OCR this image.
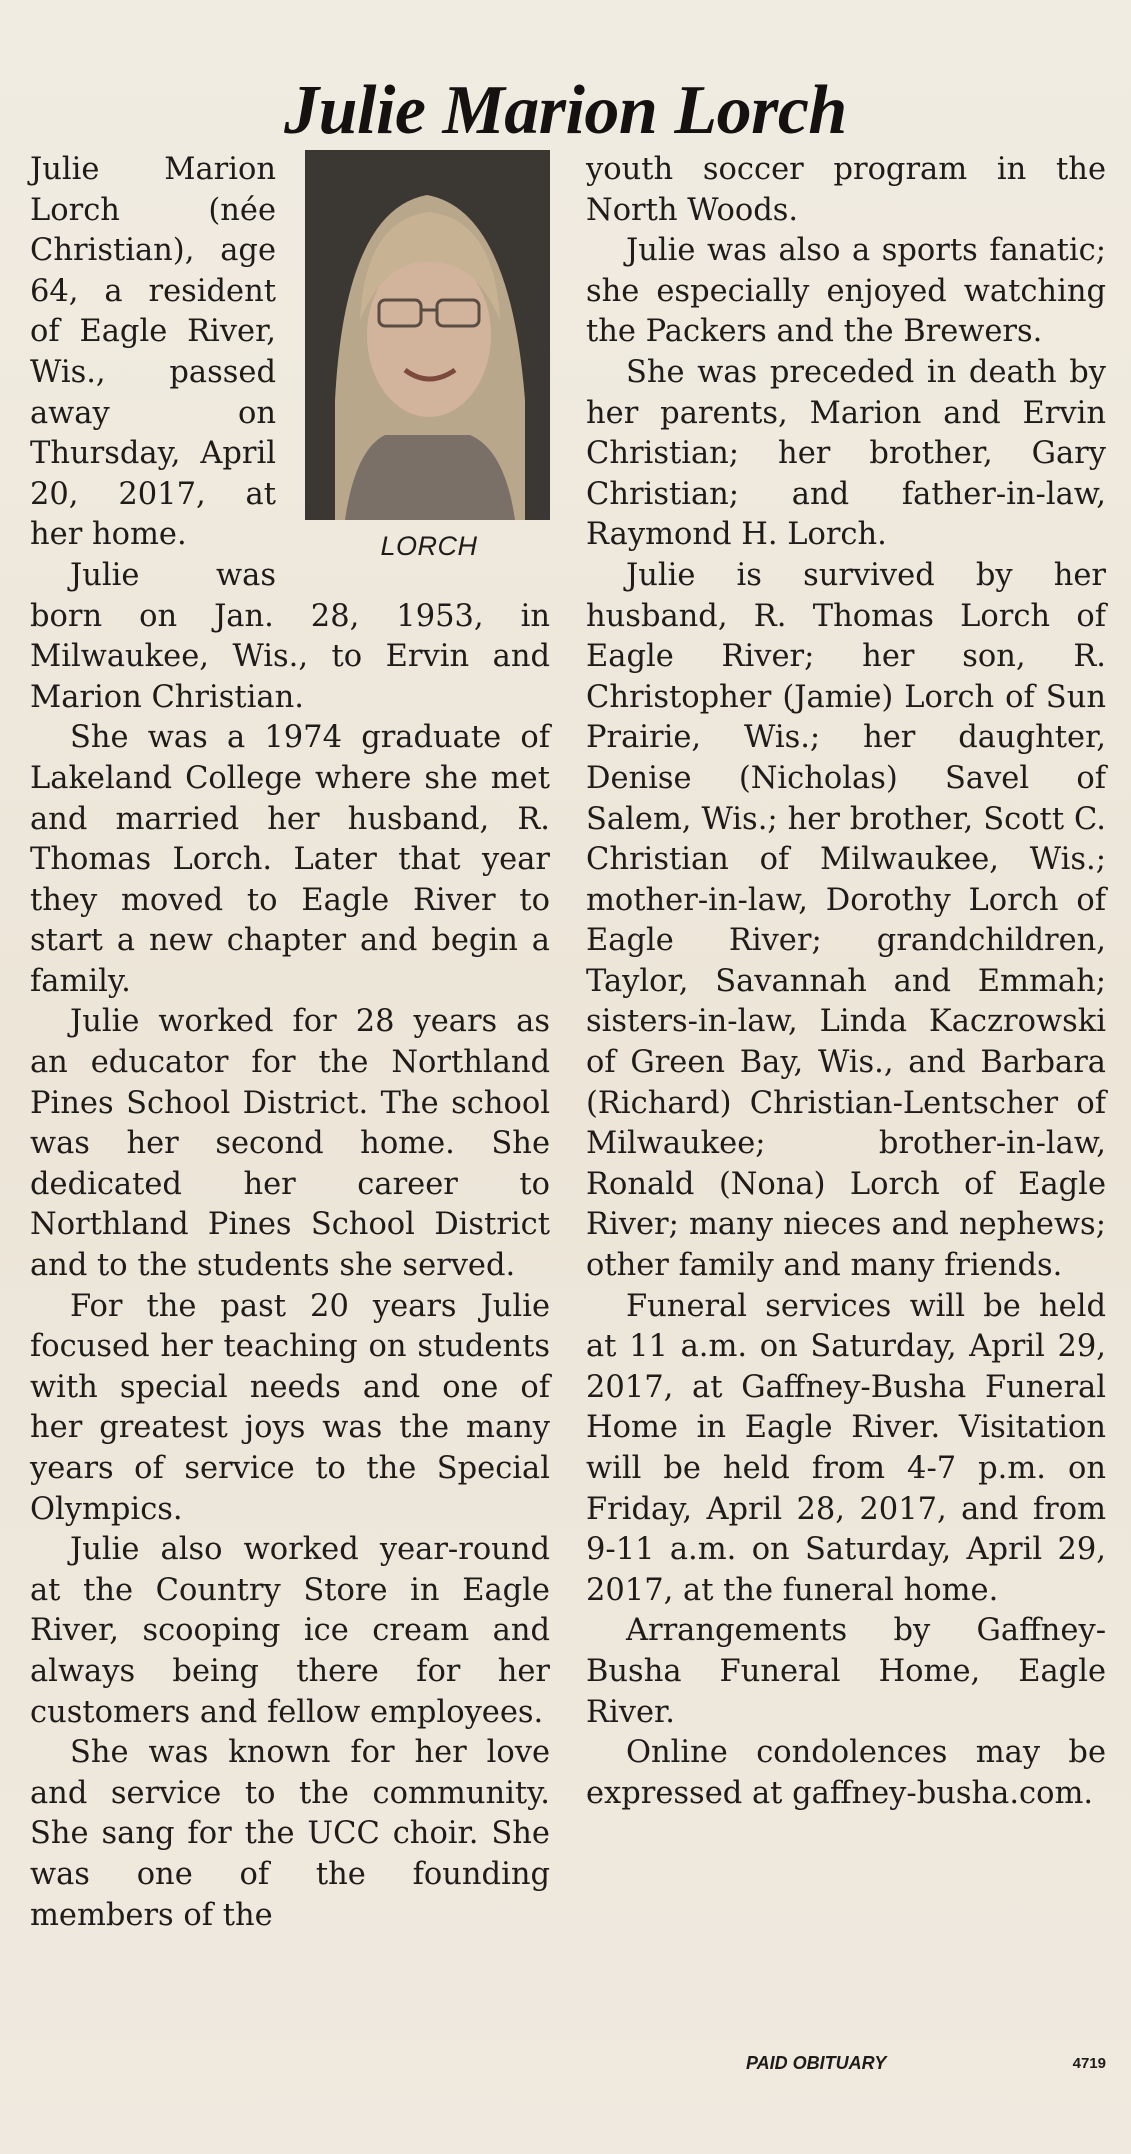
Julie Marion Lorch
LORCH

Julie Marion Lorch (née Christian), age 64, a resident of Eagle River, Wis., passed away on Thursday, April 20, 2017, at her home.

Julie was born on Jan. 28, 1953, in Milwaukee, Wis., to Ervin and Marion Christian.

She was a 1974 graduate of Lakeland College where she met and married her husband, R. Thomas Lorch. Later that year they moved to Eagle River to start a new chapter and begin a family.

Julie worked for 28 years as an educator for the Northland Pines School District. The school was her second home. She dedicated her career to Northland Pines School District and to the students she served.

For the past 20 years Julie focused her teaching on students with special needs and one of her greatest joys was the many years of service to the Special Olympics.

Julie also worked year-round at the Country Store in Eagle River, scooping ice cream and always being there for her customers and fellow employees.

She was known for her love and service to the community. She sang for the UCC choir. She was one of the founding members of the

youth soccer program in the North Woods.

Julie was also a sports fanatic; she especially enjoyed watching the Packers and the Brewers.

She was preceded in death by her parents, Marion and Ervin Christian; her brother, Gary Christian; and father-in-law, Raymond H. Lorch.

Julie is survived by her husband, R. Thomas Lorch of Eagle River; her son, R. Christopher (Jamie) Lorch of Sun Prairie, Wis.; her daughter, Denise (Nicholas) Savel of Salem, Wis.; her brother, Scott C. Christian of Milwaukee, Wis.; mother-in-law, Dorothy Lorch of Eagle River; grandchildren, Taylor, Savannah and Emmah; sisters-in-law, Linda Kaczrowski of Green Bay, Wis., and Barbara (Richard) Christian-Lentscher of Milwaukee; brother-in-law, Ronald (Nona) Lorch of Eagle River; many nieces and nephews; other family and many friends.

Funeral services will be held at 11 a.m. on Saturday, April 29, 2017, at Gaffney-Busha Funeral Home in Eagle River. Visitation will be held from 4-7 p.m. on Friday, April 28, 2017, and from 9-11 a.m. on Saturday, April 29, 2017, at the funeral home.

Arrangements by Gaffney-Busha Funeral Home, Eagle River.

Online condolences may be expressed at gaffney-busha.com.

PAID OBITUARY	4719
